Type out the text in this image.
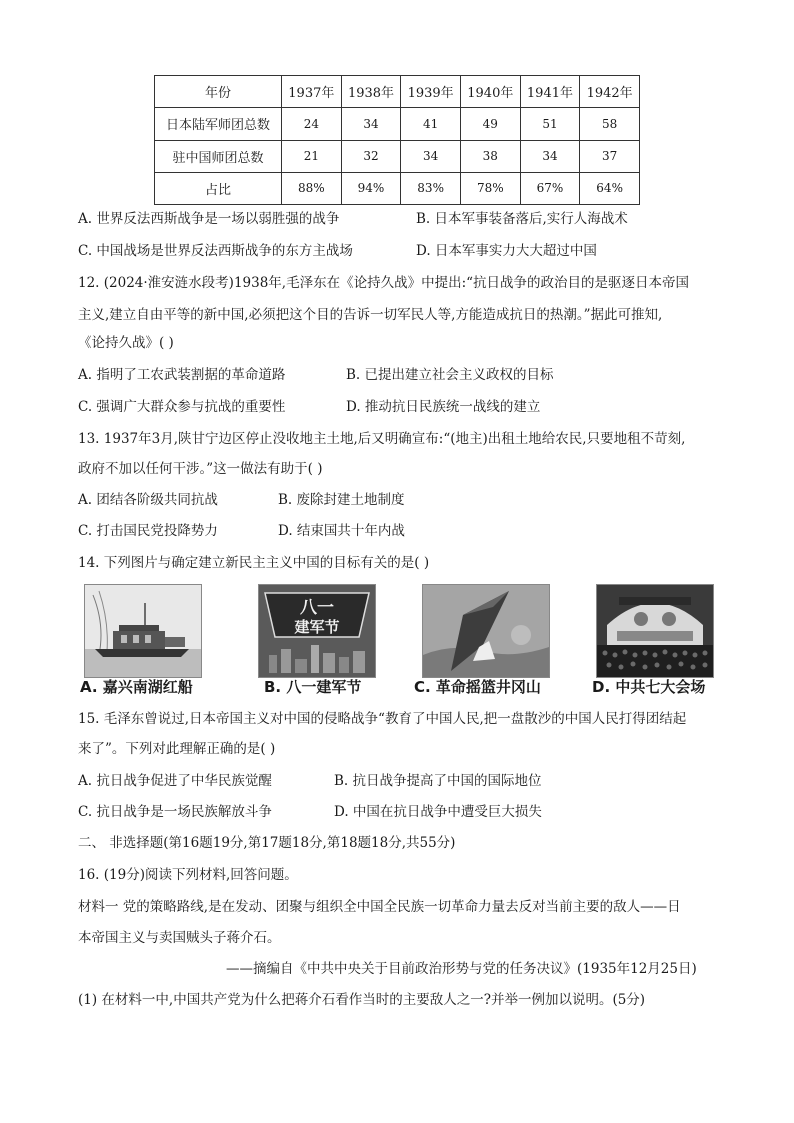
年份	1937年	1938年	1939年	1940年	1941年	1942年
日本陆军师团总数	24	34	41	49	51	58
驻中国师团总数	21	32	34	38	34	37
占比	88%	94%	83%	78%	67%	64%
A. 世界反法西斯战争是一场以弱胜强的战争	B. 日本军事装备落后,实行人海战术
C. 中国战场是世界反法西斯战争的东方主战场	D. 日本军事实力大大超过中国
12. (2024·淮安涟水段考)1938年,毛泽东在《论持久战》中提出:“抗日战争的政治目的是驱逐日本帝国
主义,建立自由平等的新中国,必须把这个目的告诉一切军民人等,方能造成抗日的热潮。”据此可推知,
《论持久战》( )
A. 指明了工农武装割据的革命道路	B. 已提出建立社会主义政权的目标
C. 强调广大群众参与抗战的重要性	D. 推动抗日民族统一战线的建立
13. 1937年3月,陕甘宁边区停止没收地主土地,后又明确宣布:“(地主)出租土地给农民,只要地租不苛刻,
政府不加以任何干涉。”这一做法有助于( )
A. 团结各阶级共同抗战	B. 废除封建土地制度
C. 打击国民党投降势力	D. 结束国共十年内战
14. 下列图片与确定建立新民主主义中国的目标有关的是( )
A. 嘉兴南湖红船
八一
建军节
B. 八一建军节	C. 革命摇篮井冈山	D. 中共七大会场
15. 毛泽东曾说过,日本帝国主义对中国的侵略战争“教育了中国人民,把一盘散沙的中国人民打得团结起
来了”。下列对此理解正确的是( )
A. 抗日战争促进了中华民族觉醒	B. 抗日战争提高了中国的国际地位
C. 抗日战争是一场民族解放斗争	D. 中国在抗日战争中遭受巨大损失
二、 非选择题(第16题19分,第17题18分,第18题18分,共55分)
16. (19分)阅读下列材料,回答问题。
材料一 党的策略路线,是在发动、团聚与组织全中国全民族一切革命力量去反对当前主要的敌人——日
本帝国主义与卖国贼头子蒋介石。
——摘编自《中共中央关于目前政治形势与党的任务决议》(1935年12月25日)
(1) 在材料一中,中国共产党为什么把蒋介石看作当时的主要敌人之一?并举一例加以说明。(5分)
